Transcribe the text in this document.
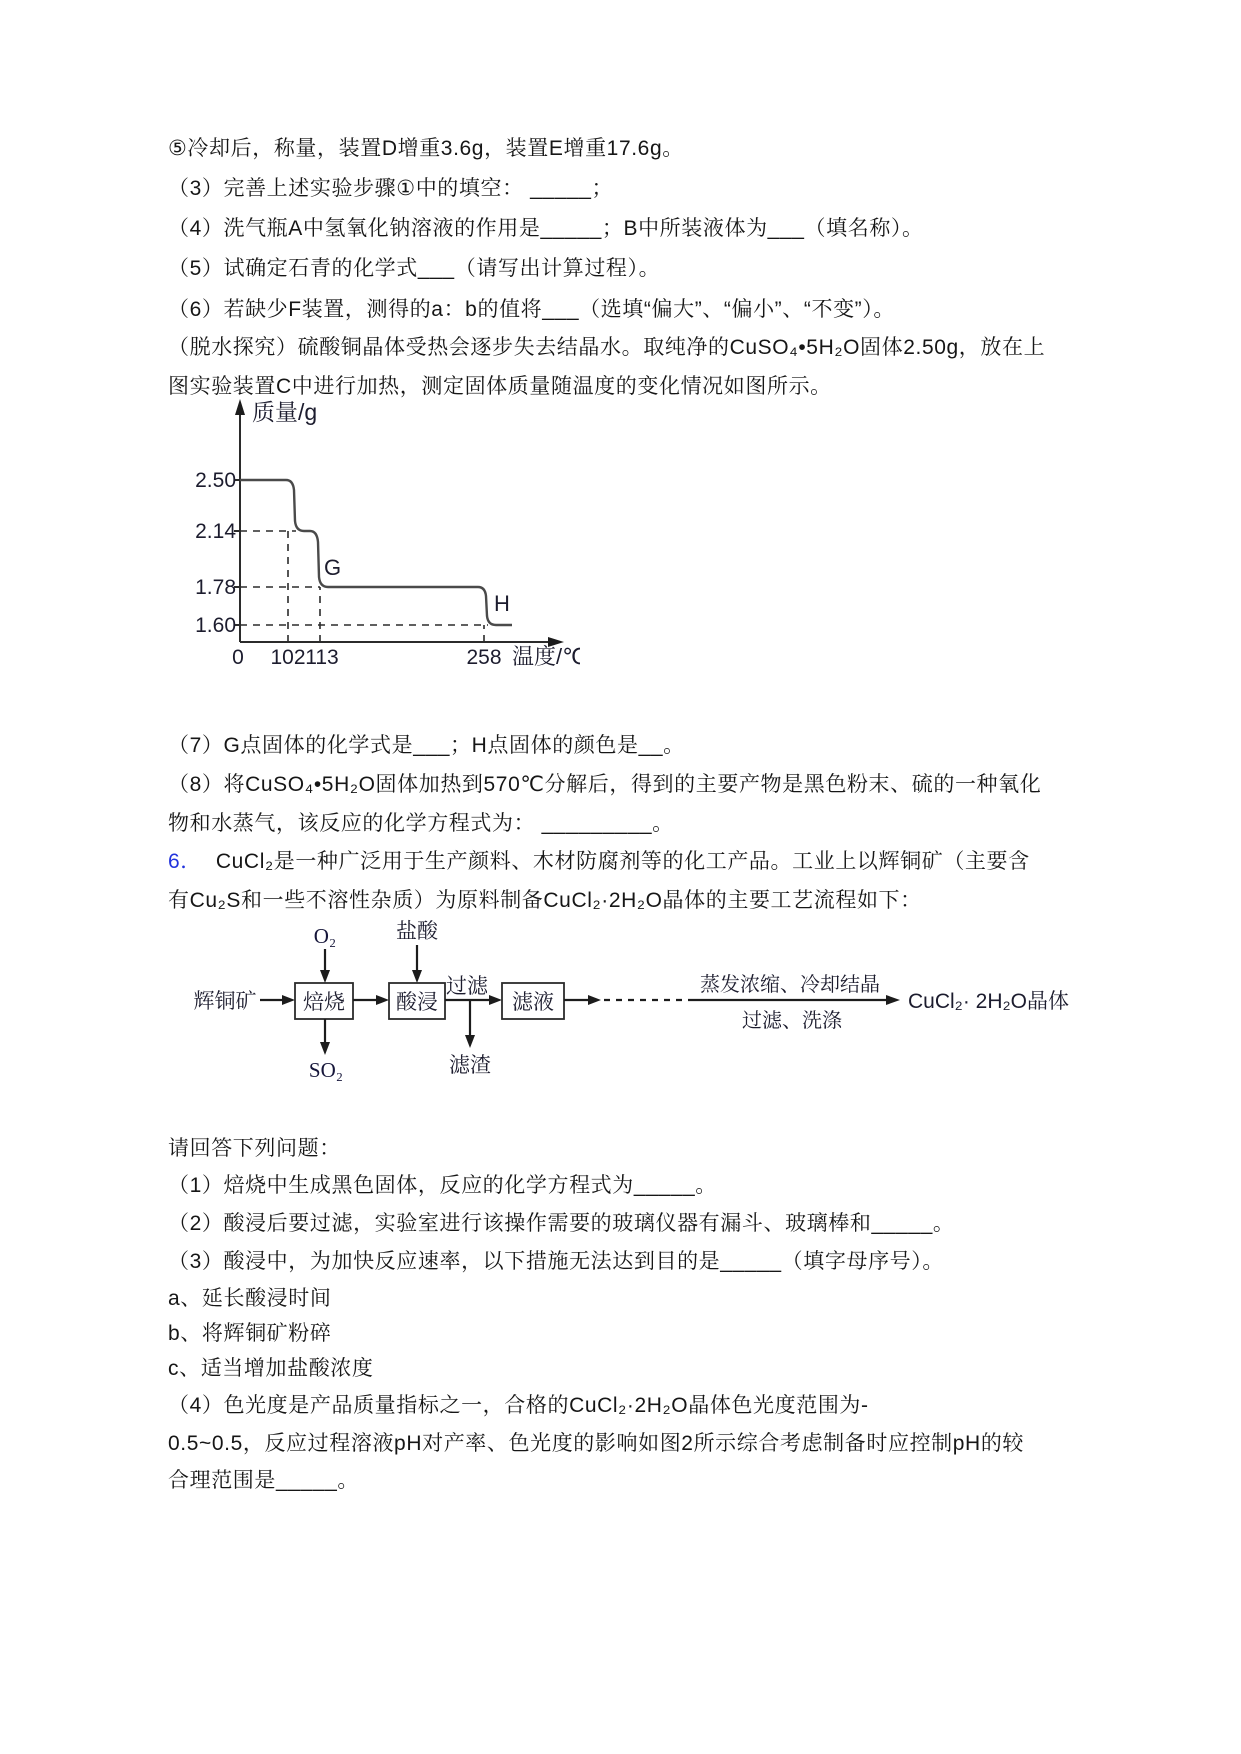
⑤冷却后，称量，装置D增重3.6g，装置E增重17.6g。

（3）完善上述实验步骤①中的填空： _____；

（4）洗气瓶A中氢氧化钠溶液的作用是_____；B中所装液体为___（填名称）。

（5）试确定石青的化学式___（请写出计算过程）。

（6）若缺少F装置，测得的a：b的值将___（选填“偏大”、“偏小”、“不变”）。

（脱水探究）硫酸铜晶体受热会逐步失去结晶水。取纯净的CuSO₄•5H₂O固体2.50g，放在上

图实验装置C中进行加热，测定固体质量随温度的变化情况如图所示。

质量/g
2.50
2.14
1.78
1.60
0 102 113	258 温度/℃
G
H

（7）G点固体的化学式是___；H点固体的颜色是__。

（8）将CuSO₄•5H₂O固体加热到570℃分解后，得到的主要产物是黑色粉末、硫的一种氧化

物和水蒸气，该反应的化学方程式为： _________。

6． CuCl₂是一种广泛用于生产颜料、木材防腐剂等的化工产品。工业上以辉铜矿（主要含

有Cu₂S和一些不溶性杂质）为原料制备CuCl₂·2H₂O晶体的主要工艺流程如下：

辉铜矿 焙烧
O₂
SO₂
盐酸
酸浸
过滤
滤渣
滤液
蒸发浓缩、冷却结晶
过滤、洗涤
CuCl₂· 2H₂O晶体

请回答下列问题：

（1）焙烧中生成黑色固体，反应的化学方程式为_____。

（2）酸浸后要过滤，实验室进行该操作需要的玻璃仪器有漏斗、玻璃棒和_____。

（3）酸浸中，为加快反应速率，以下措施无法达到目的是_____（填字母序号）。

a、延长酸浸时间

b、将辉铜矿粉碎

c、适当增加盐酸浓度

（4）色光度是产品质量指标之一，合格的CuCl₂·2H₂O晶体色光度范围为-

0.5~0.5，反应过程溶液pH对产率、色光度的影响如图2所示综合考虑制备时应控制pH的较

合理范围是_____。
